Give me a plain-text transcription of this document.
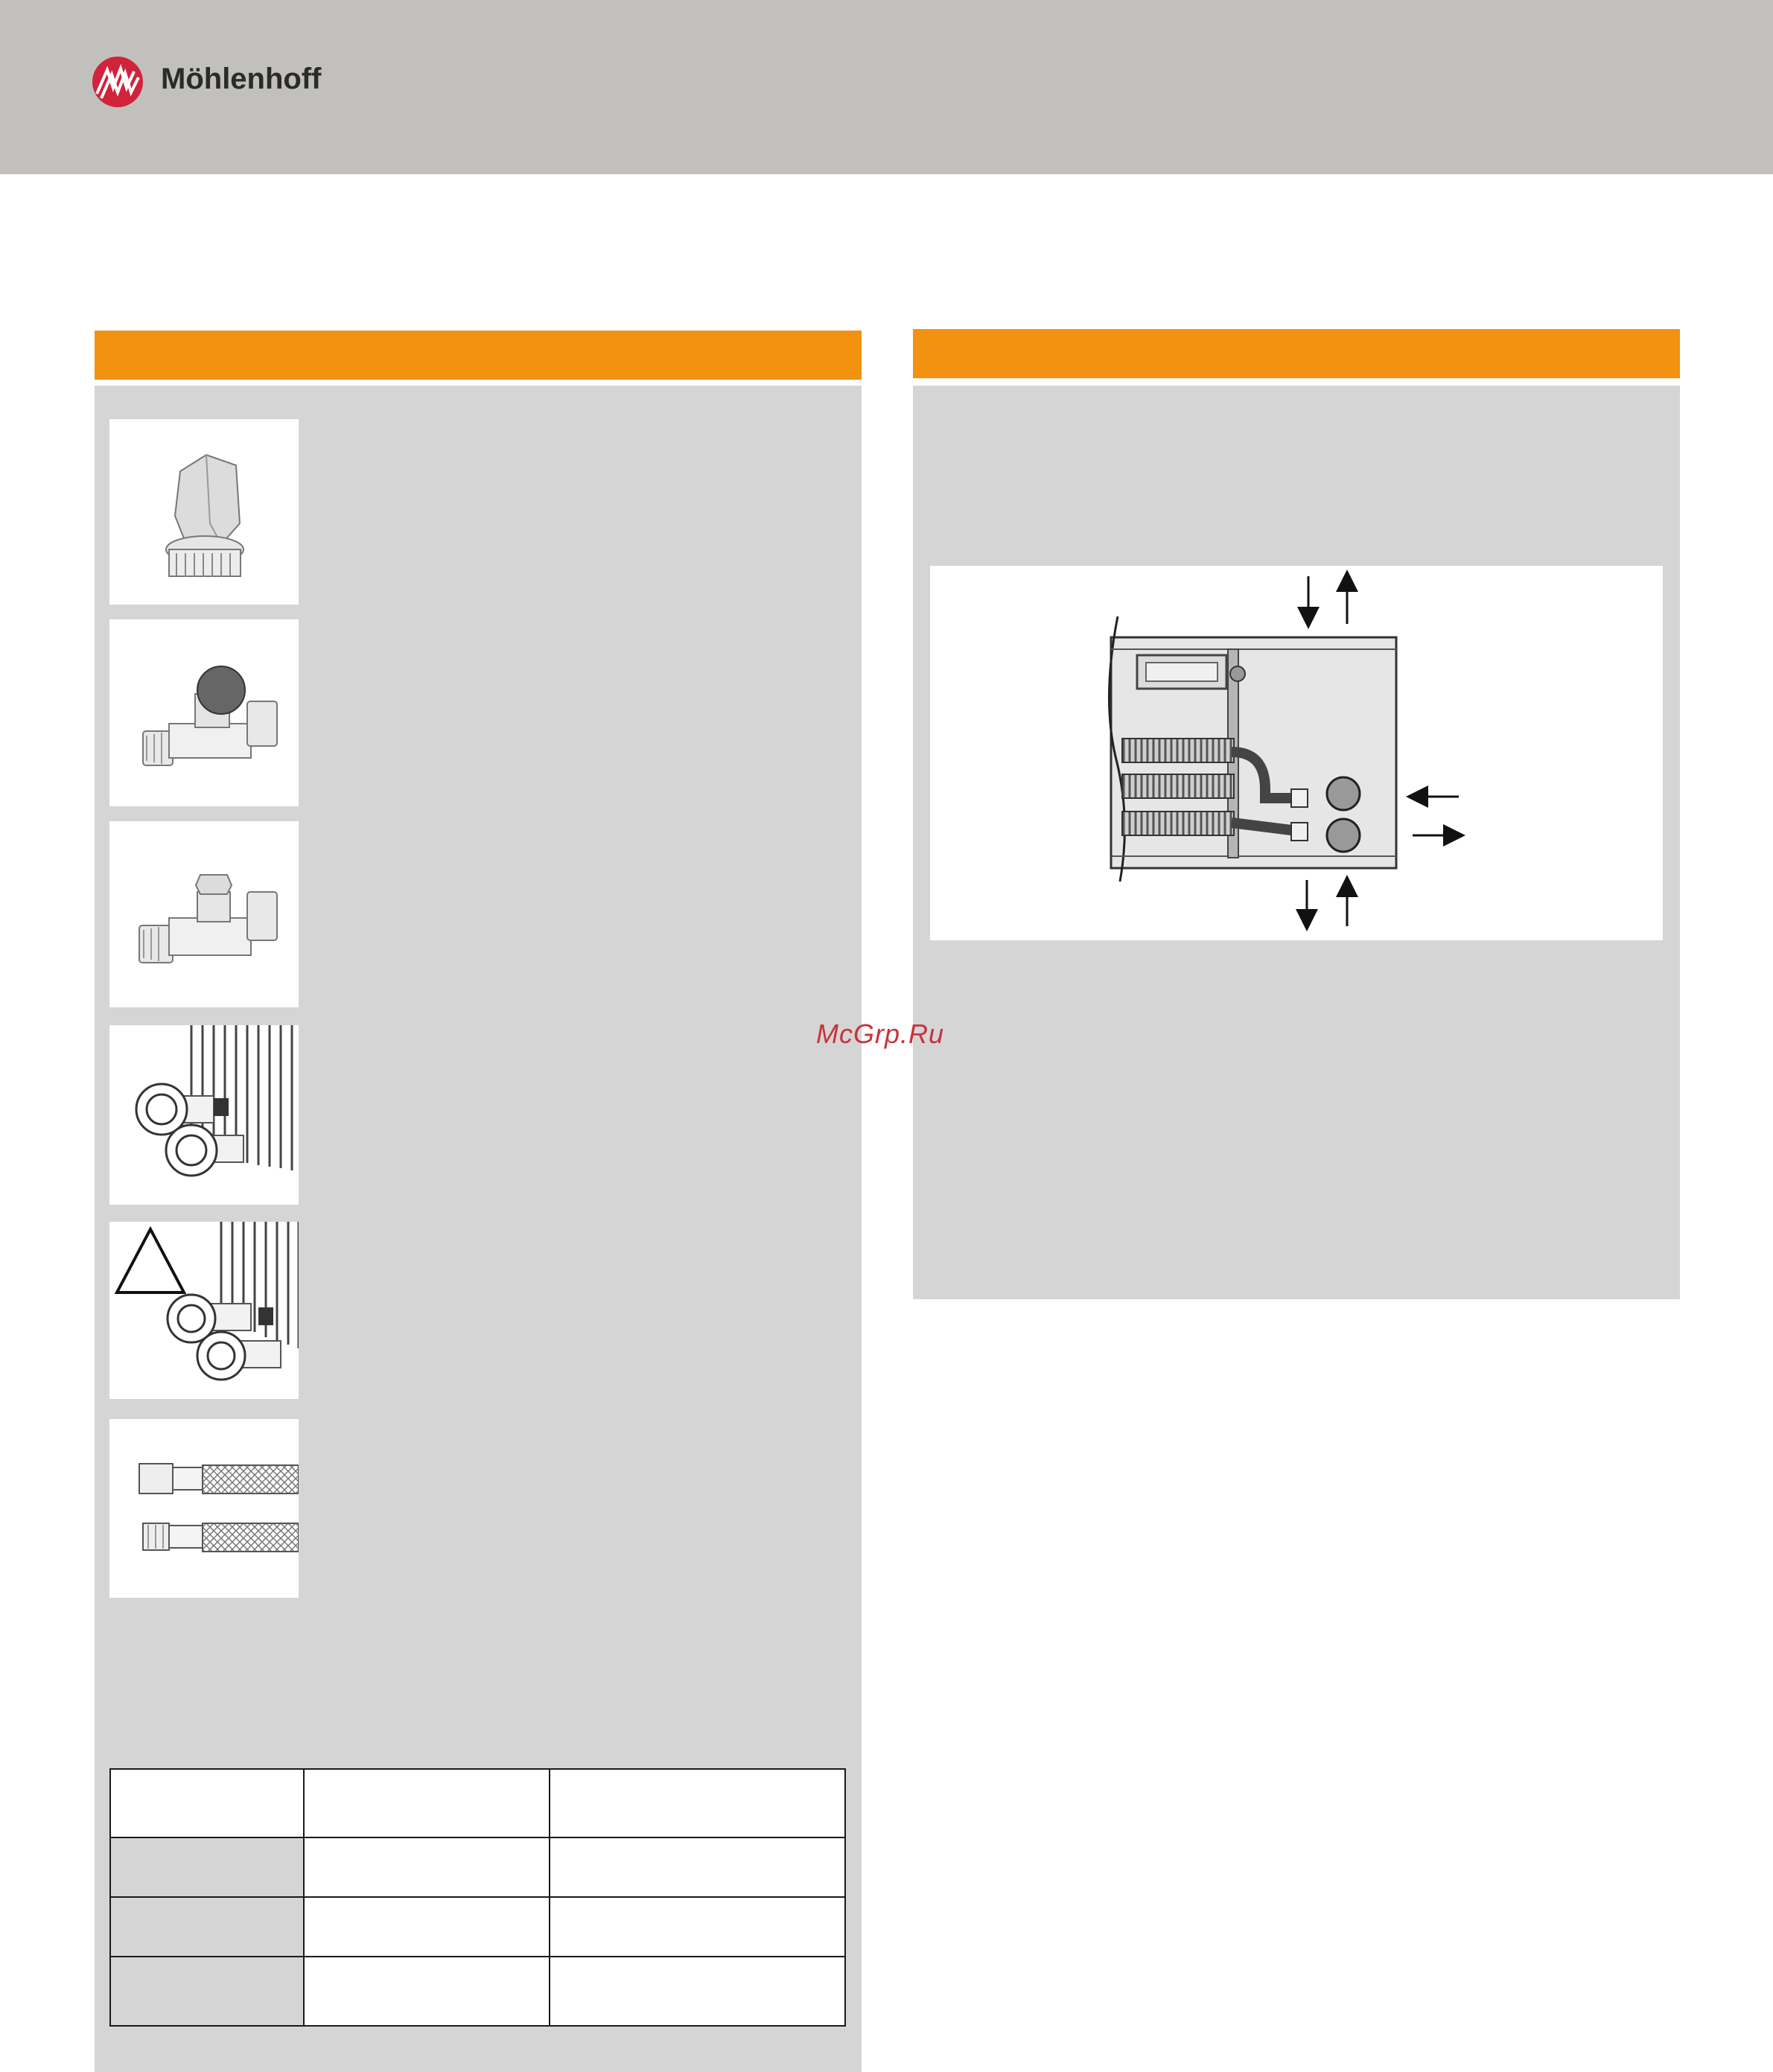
Möhlenhoff

McGrp.Ru
